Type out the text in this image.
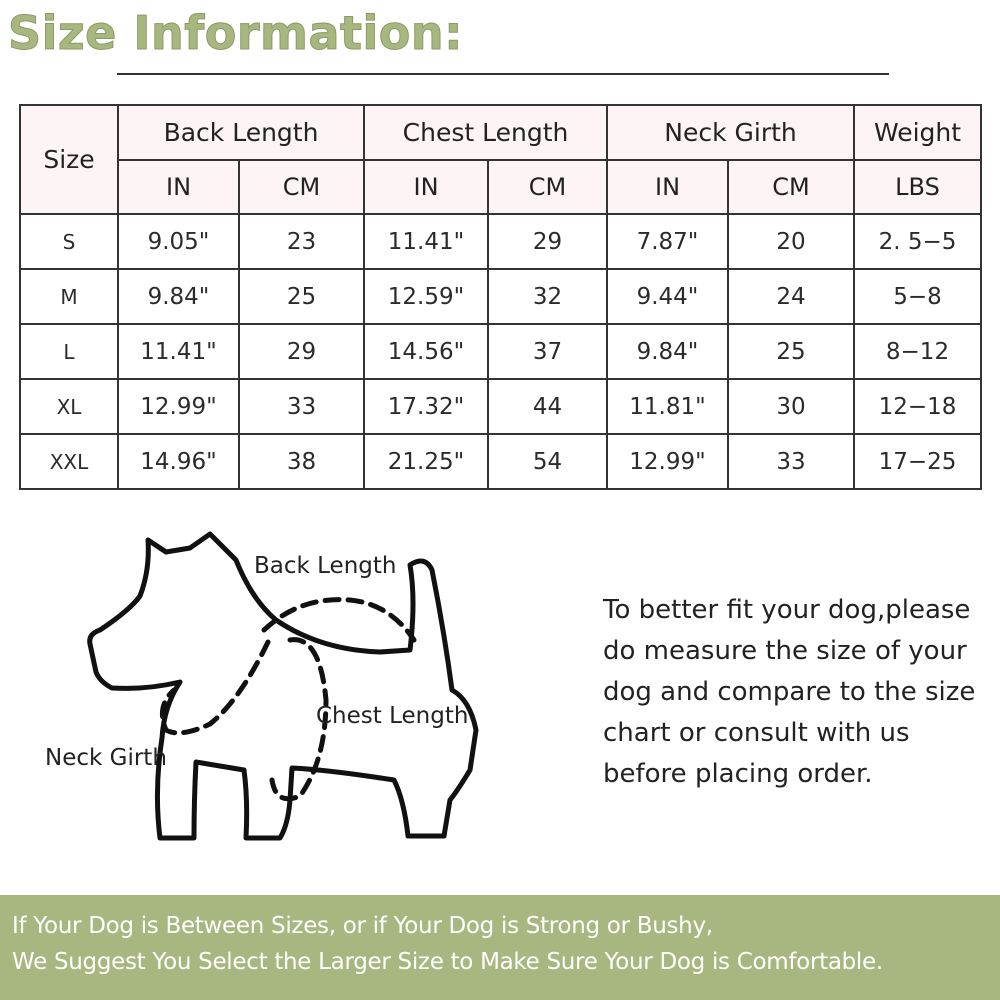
Size Information:
Size	Back Length		Chest Length		Neck Girth		Weight
	IN	CM	IN	CM	IN	CM	LBS
S	9.05"	23	11.41"	29	7.87"	20	2. 5−5
M	9.84"	25	12.59"	32	9.44"	24	5−8
L	11.41"	29	14.56"	37	9.84"	25	8−12
XL	12.99"	33	17.32"	44	11.81"	30	12−18
XXL	14.96"	38	21.25"	54	12.99"	33	17−25
Back Length
Chest Length
Neck Girth
To better fit your dog,please do measure the size of your dog and compare to the size chart or consult with us before placing order.
If Your Dog is Between Sizes, or if Your Dog is Strong or Bushy,
We Suggest You Select the Larger Size to Make Sure Your Dog is Comfortable.
